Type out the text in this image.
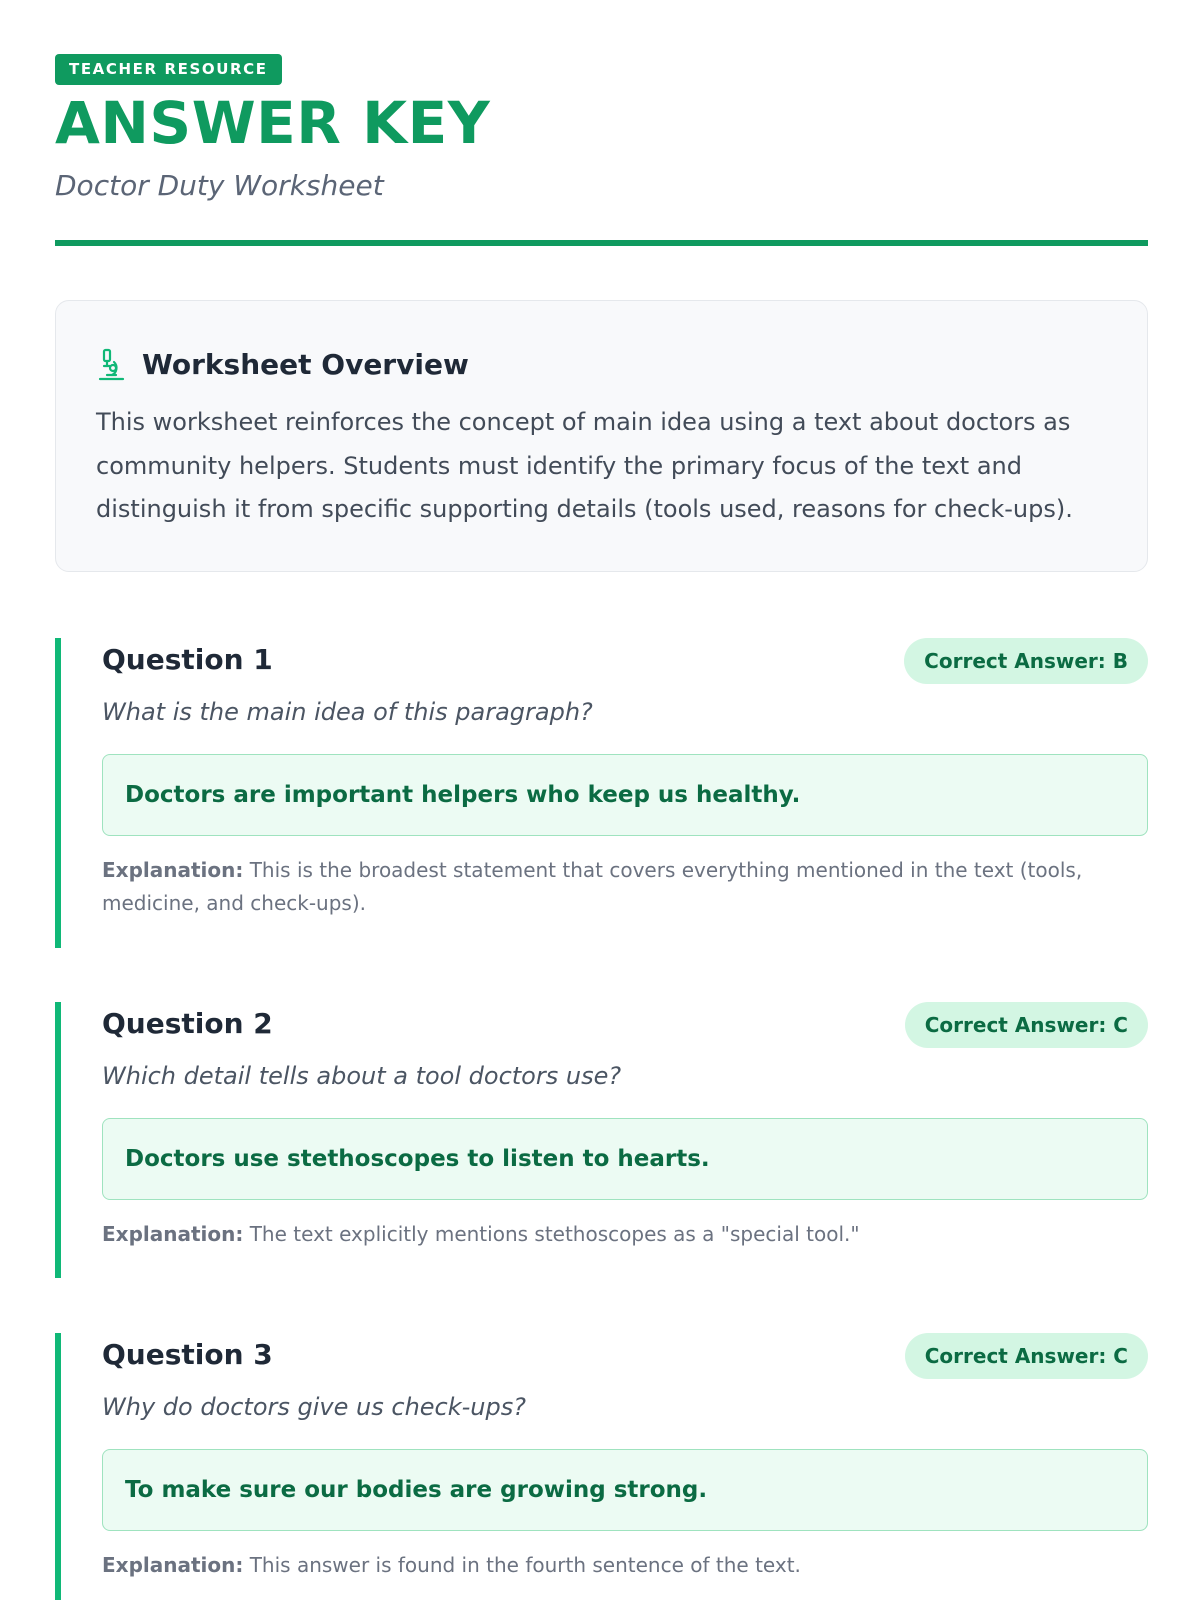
TEACHER RESOURCE
ANSWER KEY
Doctor Duty Worksheet
Worksheet Overview

This worksheet reinforces the concept of main idea using a text about doctors as community helpers. Students must identify the primary focus of the text and distinguish it from specific supporting details (tools used, reasons for check-ups).

Question 1	Correct Answer: B

What is the main idea of this paragraph?

Doctors are important helpers who keep us healthy.

Explanation: This is the broadest statement that covers everything mentioned in the text (tools, medicine, and check-ups).

Question 2	Correct Answer: C

Which detail tells about a tool doctors use?

Doctors use stethoscopes to listen to hearts.

Explanation: The text explicitly mentions stethoscopes as a "special tool."

Question 3	Correct Answer: C

Why do doctors give us check-ups?

To make sure our bodies are growing strong.

Explanation: This answer is found in the fourth sentence of the text.
